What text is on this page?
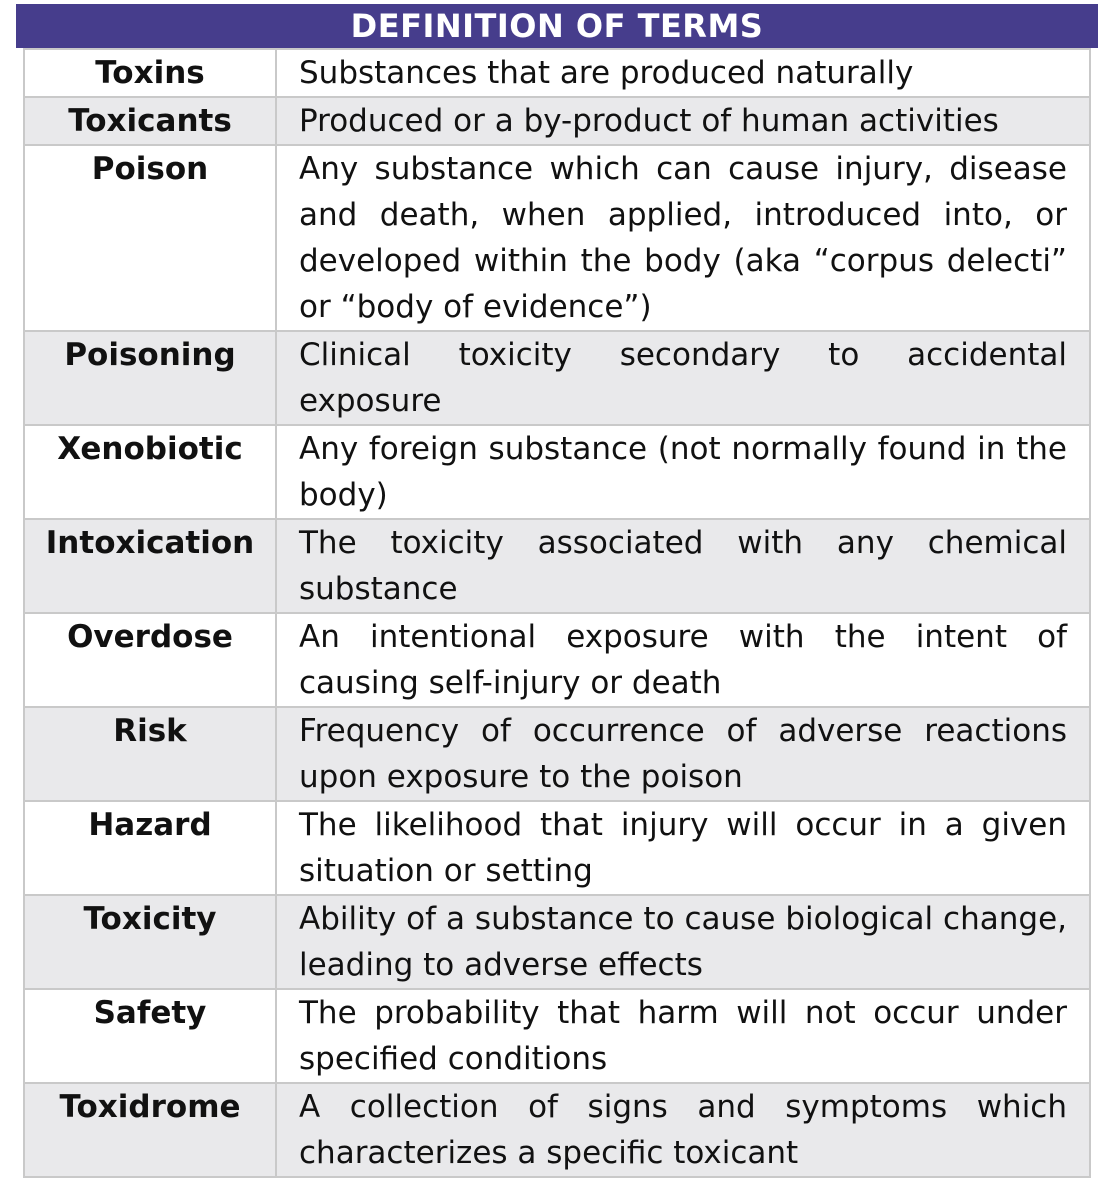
DEFINITION OF TERMS
Toxins	Substances that are produced naturally
Toxicants	Produced or a by-product of human activities
Poison	Any substance which can cause injury, disease and death, when applied, introduced into, or developed within the body (aka “corpus delecti” or “body of evidence”)
Poisoning	Clinical toxicity secondary to accidental exposure
Xenobiotic	Any foreign substance (not normally found in the body)
Intoxication	The toxicity associated with any chemical substance
Overdose	An intentional exposure with the intent of causing self-injury or death
Risk	Frequency of occurrence of adverse reactions upon exposure to the poison
Hazard	The likelihood that injury will occur in a given situation or setting
Toxicity	Ability of a substance to cause biological change, leading to adverse effects
Safety	The probability that harm will not occur under specified conditions
Toxidrome	A collection of signs and symptoms which characterizes a specific toxicant
